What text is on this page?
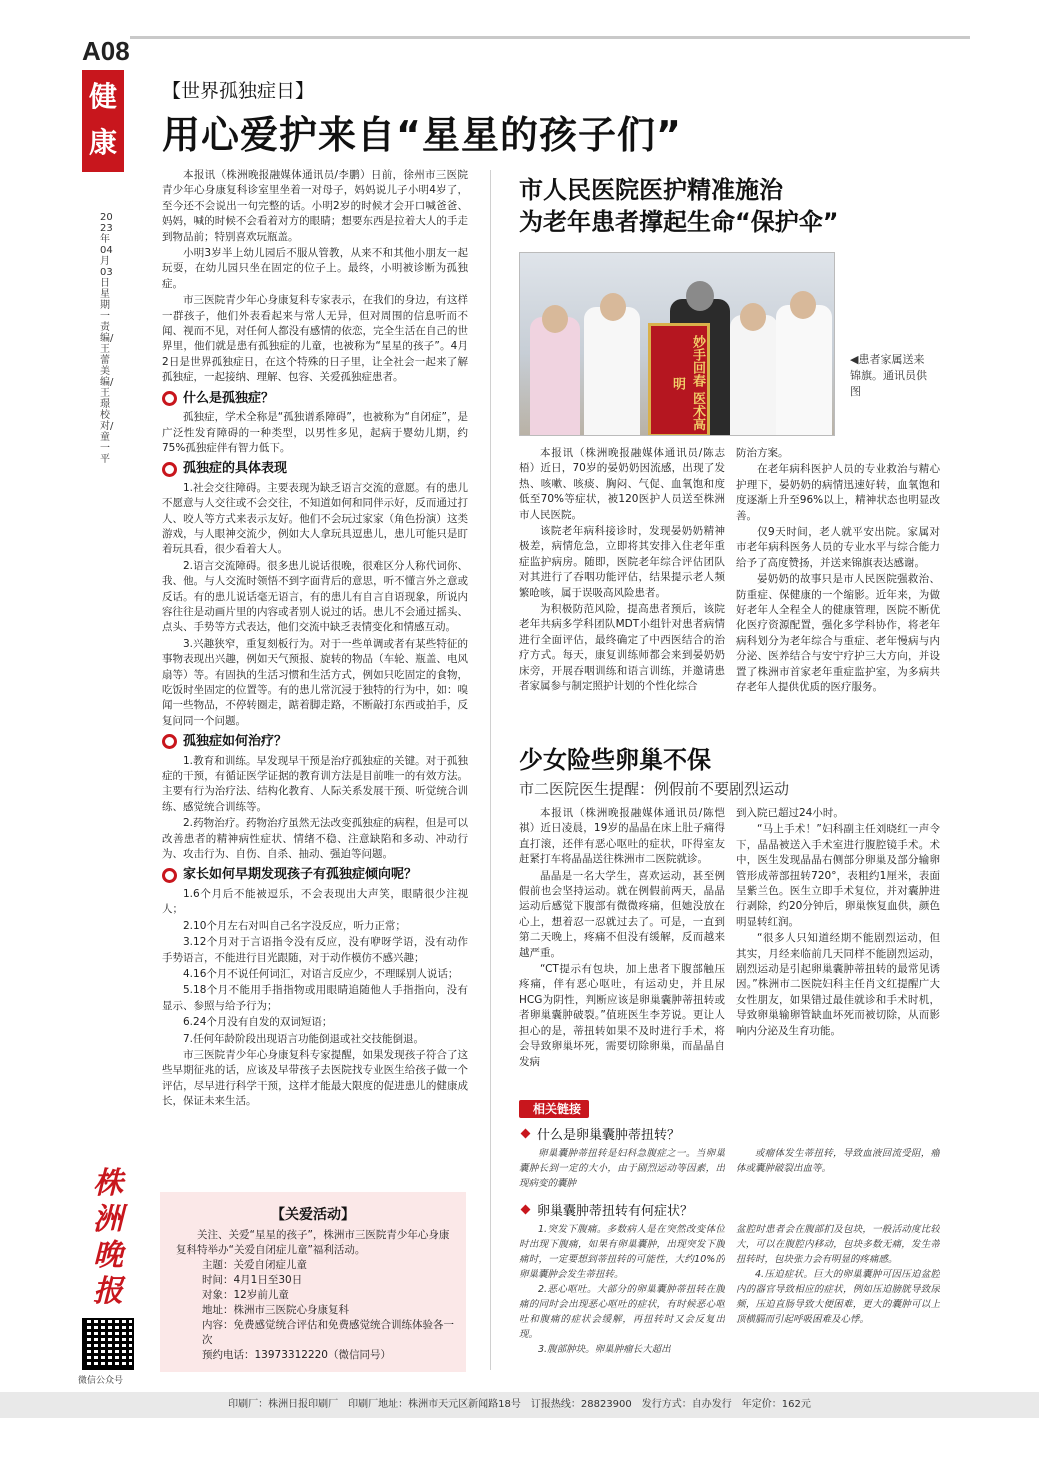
A08
健康
2023年04月03日 星期一 责编/王蕾 美编/王璟 校对/童一平
【世界孤独症日】
用心爱护来自“星星的孩子们”

本报讯（株洲晚报融媒体通讯员/李鹏）日前，徐州市三医院青少年心身康复科诊室里坐着一对母子，妈妈说儿子小明4岁了，至今还不会说出一句完整的话。小明2岁的时候才会开口喊爸爸、妈妈，喊的时候不会看着对方的眼睛；想要东西是拉着大人的手走到物品前；特别喜欢玩瓶盖。

小明3岁半上幼儿园后不服从管教，从来不和其他小朋友一起玩耍，在幼儿园只坐在固定的位子上。最终，小明被诊断为孤独症。

市三医院青少年心身康复科专家表示，在我们的身边，有这样一群孩子，他们外表看起来与常人无异，但对周围的信息听而不闻、视而不见，对任何人都没有感情的依恋，完全生活在自己的世界里，他们就是患有孤独症的儿童，也被称为“星星的孩子”。4月2日是世界孤独症日，在这个特殊的日子里，让全社会一起来了解孤独症，一起接纳、理解、包容、关爱孤独症患者。

什么是孤独症？

孤独症，学术全称是“孤独谱系障碍”，也被称为“自闭症”，是广泛性发育障碍的一种类型，以男性多见，起病于婴幼儿期，约75%孤独症伴有智力低下。

孤独症的具体表现

1.社会交往障碍。主要表现为缺乏语言交流的意愿。有的患儿不愿意与人交往或不会交往，不知道如何和同伴示好，反而通过打人、咬人等方式来表示友好。他们不会玩过家家（角色扮演）这类游戏，与人眼神交流少，例如大人拿玩具逗患儿，患儿可能只是盯着玩具看，很少看着大人。

2.语言交流障碍。很多患儿说话很晚，很难区分人称代词你、我、他。与人交流时领悟不到字面背后的意思，听不懂言外之意或反话。有的患儿说话毫无语言，有的患儿有自言自语现象，所说内容往往是动画片里的内容或者别人说过的话。患儿不会通过摇头、点头、手势等方式表达，他们交流中缺乏表情变化和情感互动。

3.兴趣狭窄，重复刻板行为。对于一些单调或者有某些特征的事物表现出兴趣，例如天气预报、旋转的物品（车轮、瓶盖、电风扇等）等。有固执的生活习惯和生活方式，例如只吃固定的食物，吃饭时坐固定的位置等。有的患儿常沉浸于独特的行为中，如：嗅闻一些物品，不停转圈走，踮着脚走路，不断敲打东西或拍手，反复问同一个问题。

孤独症如何治疗？

1.教育和训练。早发现早干预是治疗孤独症的关键。对于孤独症的干预，有循证医学证据的教育训方法是目前唯一的有效方法。主要有行为治疗法、结构化教育、人际关系发展干预、听觉统合训练、感觉统合训练等。

2.药物治疗。药物治疗虽然无法改变孤独症的病程，但是可以改善患者的精神病性症状、情绪不稳、注意缺陷和多动、冲动行为、攻击行为、自伤、自杀、抽动、强迫等问题。

家长如何早期发现孩子有孤独症倾向呢？

1.6个月后不能被逗乐，不会表现出大声笑，眼睛很少注视人；

2.10个月左右对叫自己名字没反应，听力正常；

3.12个月对于言语指令没有反应，没有咿呀学语，没有动作手势语言，不能进行目光跟随，对于动作模仿不感兴趣；

4.16个月不说任何词汇，对语言反应少，不理睬别人说话；

5.18个月不能用手指指物或用眼睛追随他人手指指向，没有显示、参照与给予行为；

6.24个月没有自发的双词短语；

7.任何年龄阶段出现语言功能倒退或社交技能倒退。

市三医院青少年心身康复科专家提醒，如果发现孩子符合了这些早期征兆的话，应该及早带孩子去医院找专业医生给孩子做一个评估，尽早进行科学干预，这样才能最大限度的促进患儿的健康成长，保证未来生活。

【关爱活动】

关注、关爱“星星的孩子”，株洲市三医院青少年心身康复科特举办“关爱自闭症儿童”福利活动。

主题：关爱自闭症儿童
时间：4月1日至30日
对象：12岁前儿童
地址：株洲市三医院心身康复科
内容：免费感觉统合评估和免费感觉统合训练体验各一次
预约电话：13973312220（微信同号）
株洲晚报
微信公众号
市人民医院医护精准施治
为老年患者撑起生命“保护伞”
妙手回春 医术高明
◀患者家属送来锦旗。通讯员供图

本报讯（株洲晚报融媒体通讯员/陈志梧）近日，70岁的晏奶奶因流感，出现了发热、咳嗽、咳痰、胸闷、气促、血氧饱和度低至70%等症状，被120医护人员送至株洲市人民医院。

该院老年病科接诊时，发现晏奶奶精神极差，病情危急，立即将其安排入住老年重症监护病房。随即，医院老年综合评估团队对其进行了吞咽功能评估，结果提示老人频繁呛咳，属于误吸高风险患者。

为积极防范风险，提高患者预后，该院老年共病多学科团队MDT小组针对患者病情进行全面评估，最终确定了中西医结合的治疗方式。每天，康复训练师都会来到晏奶奶床旁，开展吞咽训练和语言训练，并邀请患者家属参与制定照护计划的个性化综合

防治方案。

在老年病科医护人员的专业救治与精心护理下，晏奶奶的病情迅速好转，血氧饱和度逐渐上升至96%以上，精神状态也明显改善。

仅9天时间，老人就平安出院。家属对市老年病科医务人员的专业水平与综合能力给予了高度赞扬，并送来锦旗表达感谢。

晏奶奶的故事只是市人民医院强救治、防重症、保健康的一个缩影。近年来，为做好老年人全程全人的健康管理，医院不断优化医疗资源配置，强化多学科协作，将老年病科划分为老年综合与重症、老年慢病与内分泌、医养结合与安宁疗护三大方向，并设置了株洲市首家老年重症监护室，为多病共存老年人提供优质的医疗服务。

少女险些卵巢不保
市二医院医生提醒：例假前不要剧烈运动

本报讯（株洲晚报融媒体通讯员/陈恺祺）近日凌晨，19岁的晶晶在床上肚子痛得直打滚，还伴有恶心呕吐的症状，吓得室友赶紧打车将晶晶送往株洲市二医院就诊。

晶晶是一名大学生，喜欢运动，甚至例假前也会坚持运动。就在例假前两天，晶晶运动后感觉下腹部有微微疼痛，但她没放在心上，想着忍一忍就过去了。可是，一直到第二天晚上，疼痛不但没有缓解，反而越来越严重。

“CT提示有包块，加上患者下腹部触压疼痛，伴有恶心呕吐，有运动史，并且尿HCG为阴性，判断应该是卵巢囊肿蒂扭转或者卵巢囊肿破裂。”值班医生李芳说。更让人担心的是，蒂扭转如果不及时进行手术，将会导致卵巢坏死，需要切除卵巢，而晶晶自发病

到入院已超过24小时。

“马上手术！”妇科副主任刘晓红一声令下，晶晶被送入手术室进行腹腔镜手术。术中，医生发现晶晶右侧部分卵巢及部分输卵管形成蒂部扭转720°，表粗约1厘米，表面呈紫兰色。医生立即手术复位，并对囊肿进行剥除，约20分钟后，卵巢恢复血供，颜色明显转红润。

“很多人只知道经期不能剧烈运动，但其实，月经来临前几天同样不能剧烈运动，剧烈运动是引起卵巢囊肿蒂扭转的最常见诱因。”株洲市二医院妇科主任肖文红提醒广大女性朋友，如果错过最佳就诊和手术时机，导致卵巢输卵管缺血坏死而被切除，从而影响内分泌及生育功能。

相关链接
什么是卵巢囊肿蒂扭转？

卵巢囊肿蒂扭转是妇科急腹症之一。当卵巢囊肿长到一定的大小，由于剧烈运动等因素，出现病变的囊肿

或瘤体发生蒂扭转，导致血液回流受阻，瘤体或囊肿破裂出血等。

卵巢囊肿蒂扭转有何症状？

1.突发下腹痛。多数病人是在突然改变体位时出现下腹痛，如果有卵巢囊肿，出现突发下腹痛时，一定要想到蒂扭转的可能性，大约10%的卵巢囊肿会发生蒂扭转。

2.恶心呕吐。大部分的卵巢囊肿蒂扭转在腹痛的同时会出现恶心呕吐的症状，有时候恶心呕吐和腹痛的症状会缓解，再扭转时又会反复出现。

3.腹部肿块。卵巢肿瘤长大超出

盆腔时患者会在腹部扪及包块，一般活动度比较大，可以在腹腔内移动，包块多数无痛，发生蒂扭转时，包块张力会有明显的疼痛感。

4.压迫症状。巨大的卵巢囊肿可因压迫盆腔内的器官导致相应的症状，例如压迫膀胱导致尿频，压迫直肠导致大便困难，更大的囊肿可以上顶横膈而引起呼吸困难及心悸。

印刷厂：株洲日报印刷厂　印刷厂地址：株洲市天元区新闻路18号　订报热线：28823900　发行方式：自办发行　年定价：162元
